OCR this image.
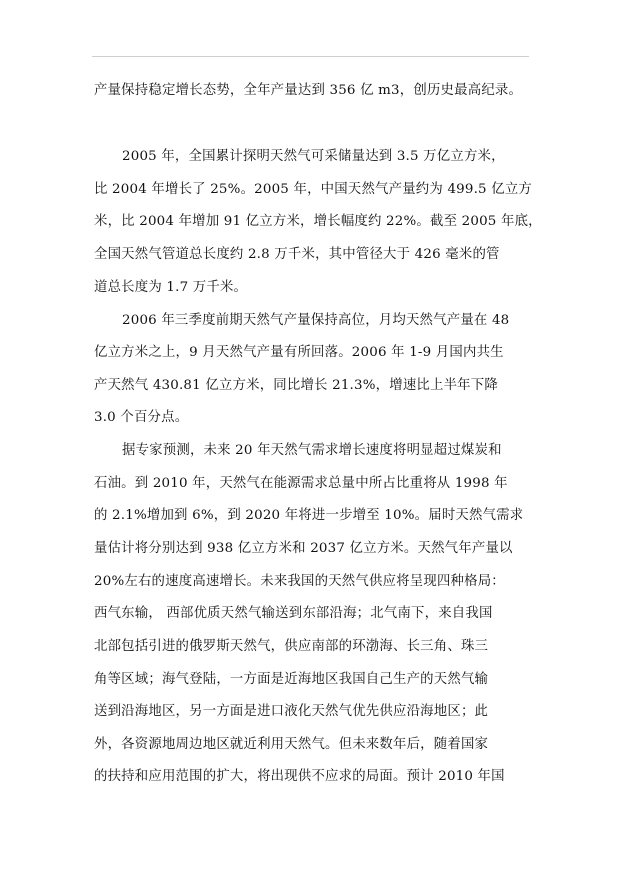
产量保持稳定增长态势，全年产量达到 356 亿 m3，创历史最高纪录。
2005 年，全国累计探明天然气可采储量达到 3.5 万亿立方米，
比 2004 年增长了 25%。2005 年，中国天然气产量约为 499.5 亿立方
米，比 2004 年增加 91 亿立方米，增长幅度约 22%。截至 2005 年底，
全国天然气管道总长度约 2.8 万千米，其中管径大于 426 毫米的管
道总长度为 1.7 万千米。
2006 年三季度前期天然气产量保持高位，月均天然气产量在 48
亿立方米之上，9 月天然气产量有所回落。2006 年 1-9 月国内共生
产天然气 430.81 亿立方米，同比增长 21.3%，增速比上半年下降
3.0 个百分点。
据专家预测，未来 20 年天然气需求增长速度将明显超过煤炭和
石油。到 2010 年，天然气在能源需求总量中所占比重将从 1998 年
的 2.1%增加到 6%，到 2020 年将进一步增至 10%。届时天然气需求
量估计将分别达到 938 亿立方米和 2037 亿立方米。天然气年产量以
20%左右的速度高速增长。未来我国的天然气供应将呈现四种格局：
西气东输， 西部优质天然气输送到东部沿海；北气南下，来自我国
北部包括引进的俄罗斯天然气，供应南部的环渤海、长三角、珠三
角等区域；海气登陆，一方面是近海地区我国自己生产的天然气输
送到沿海地区，另一方面是进口液化天然气优先供应沿海地区；此
外，各资源地周边地区就近利用天然气。但未来数年后，随着国家
的扶持和应用范围的扩大，将出现供不应求的局面。预计 2010 年国
